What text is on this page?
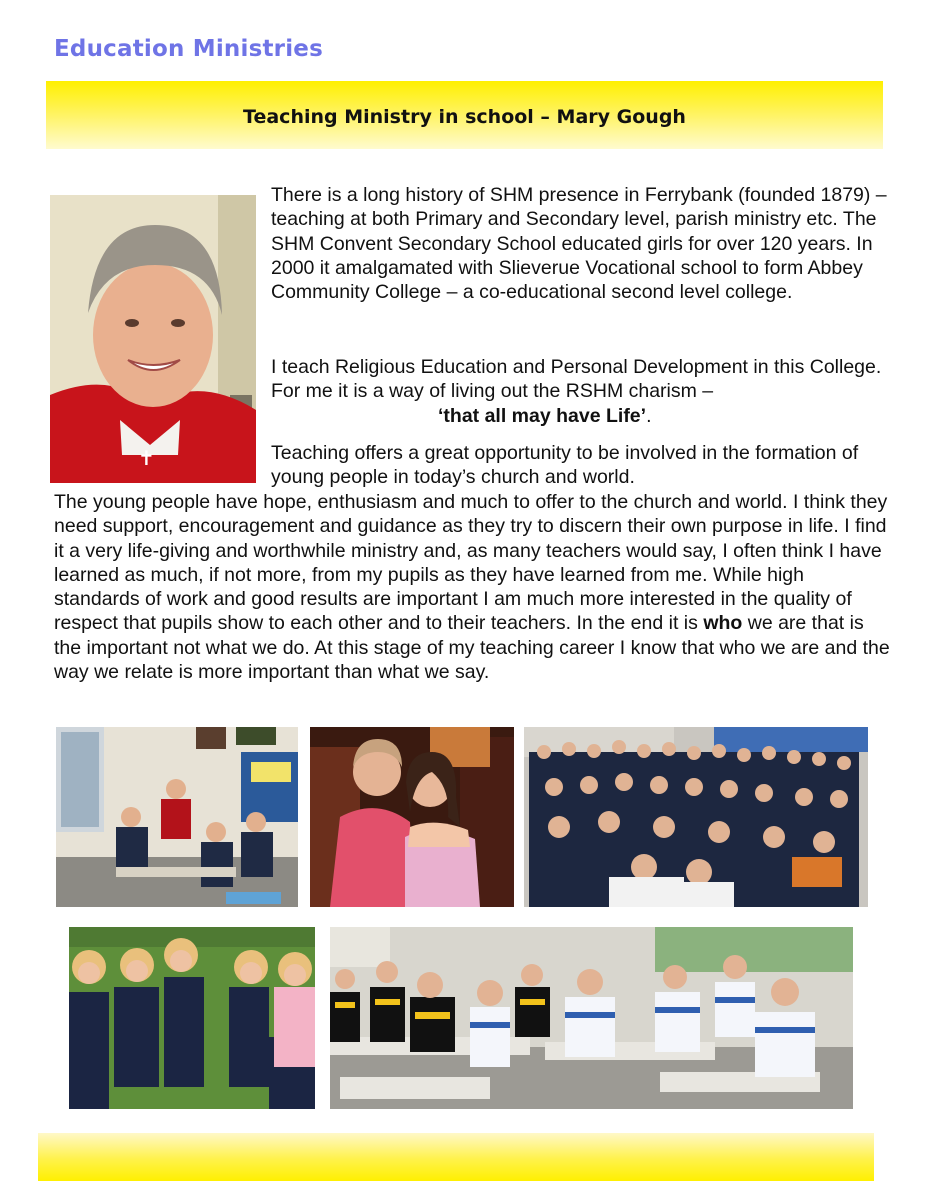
Education Ministries
Teaching Ministry in school – Mary Gough
✝
There is a long history of SHM presence in Ferrybank (founded 1879) – teaching at both Primary and Secondary level, parish ministry etc. The SHM Convent Secondary School educated girls for over 120 years. In 2000 it amalgamated with Slieverue Vocational school to form Abbey Community College – a co-educational second level college.
I teach Religious Education and Personal Development in this College. For me it is a way of living out the RSHM charism –
‘that all may have Life’.
Teaching offers a great opportunity to be involved in the formation of young people in today’s church and world.
The young people have hope, enthusiasm and much to offer to the church and world. I think they need support, encouragement and guidance as they try to discern their own purpose in life. I find it a very life-giving and worthwhile ministry and, as many teachers would say, I often think I have learned as much, if not more, from my pupils as they have learned from me. While high standards of work and good results are important I am much more interested in the quality of respect that pupils show to each other and to their teachers. In the end it is who we are that is the important not what we do. At this stage of my teaching career I know that who we are and the way we relate is more important than what we say.
